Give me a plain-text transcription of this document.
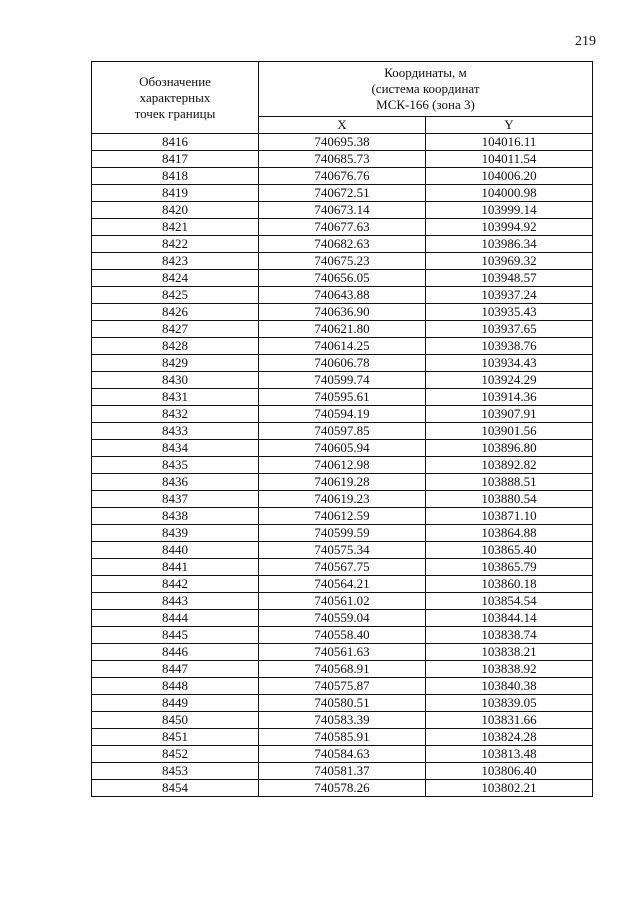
219
Обозначение
характерных
точек границы	Координаты, м
(система координат
МСК-166 (зона 3)	
	X	Y
8416	740695.38	104016.11
8417	740685.73	104011.54
8418	740676.76	104006.20
8419	740672.51	104000.98
8420	740673.14	103999.14
8421	740677.63	103994.92
8422	740682.63	103986.34
8423	740675.23	103969.32
8424	740656.05	103948.57
8425	740643.88	103937.24
8426	740636.90	103935.43
8427	740621.80	103937.65
8428	740614.25	103938.76
8429	740606.78	103934.43
8430	740599.74	103924.29
8431	740595.61	103914.36
8432	740594.19	103907.91
8433	740597.85	103901.56
8434	740605.94	103896.80
8435	740612.98	103892.82
8436	740619.28	103888.51
8437	740619.23	103880.54
8438	740612.59	103871.10
8439	740599.59	103864.88
8440	740575.34	103865.40
8441	740567.75	103865.79
8442	740564.21	103860.18
8443	740561.02	103854.54
8444	740559.04	103844.14
8445	740558.40	103838.74
8446	740561.63	103838.21
8447	740568.91	103838.92
8448	740575.87	103840.38
8449	740580.51	103839.05
8450	740583.39	103831.66
8451	740585.91	103824.28
8452	740584.63	103813.48
8453	740581.37	103806.40
8454	740578.26	103802.21
